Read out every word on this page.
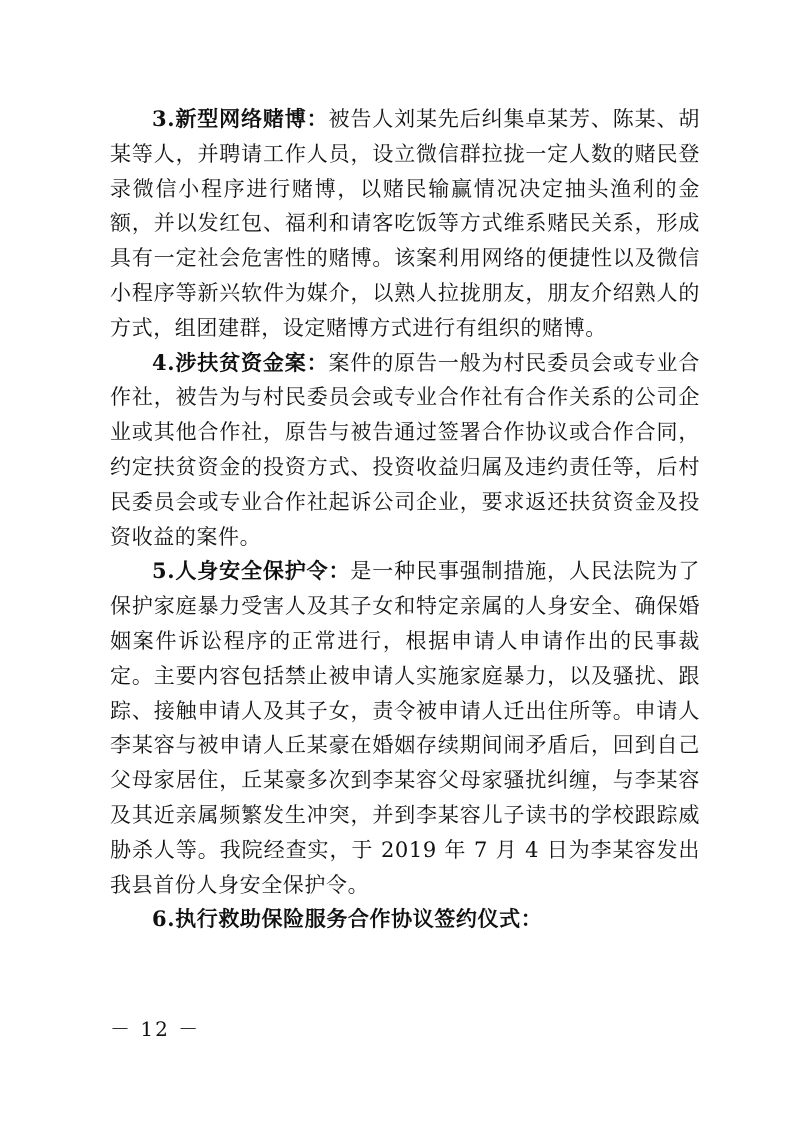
3.新型网络赌博：被告人刘某先后纠集卓某芳、陈某、胡某等人，并聘请工作人员，设立微信群拉拢一定人数的赌民登录微信小程序进行赌博，以赌民输赢情况决定抽头渔利的金额，并以发红包、福利和请客吃饭等方式维系赌民关系，形成具有一定社会危害性的赌博。该案利用网络的便捷性以及微信小程序等新兴软件为媒介，以熟人拉拢朋友，朋友介绍熟人的方式，组团建群，设定赌博方式进行有组织的赌博。

4.涉扶贫资金案：案件的原告一般为村民委员会或专业合作社，被告为与村民委员会或专业合作社有合作关系的公司企业或其他合作社，原告与被告通过签署合作协议或合作合同，约定扶贫资金的投资方式、投资收益归属及违约责任等，后村民委员会或专业合作社起诉公司企业，要求返还扶贫资金及投资收益的案件。

5.人身安全保护令：是一种民事强制措施，人民法院为了保护家庭暴力受害人及其子女和特定亲属的人身安全、确保婚姻案件诉讼程序的正常进行，根据申请人申请作出的民事裁定。主要内容包括禁止被申请人实施家庭暴力，以及骚扰、跟踪、接触申请人及其子女，责令被申请人迁出住所等。申请人李某容与被申请人丘某豪在婚姻存续期间闹矛盾后，回到自己父母家居住，丘某豪多次到李某容父母家骚扰纠缠，与李某容及其近亲属频繁发生冲突，并到李某容儿子读书的学校跟踪威胁杀人等。我院经查实，于 2019 年 7 月 4 日为李某容发出我县首份人身安全保护令。

6.执行救助保险服务合作协议签约仪式：

－ 12 －
